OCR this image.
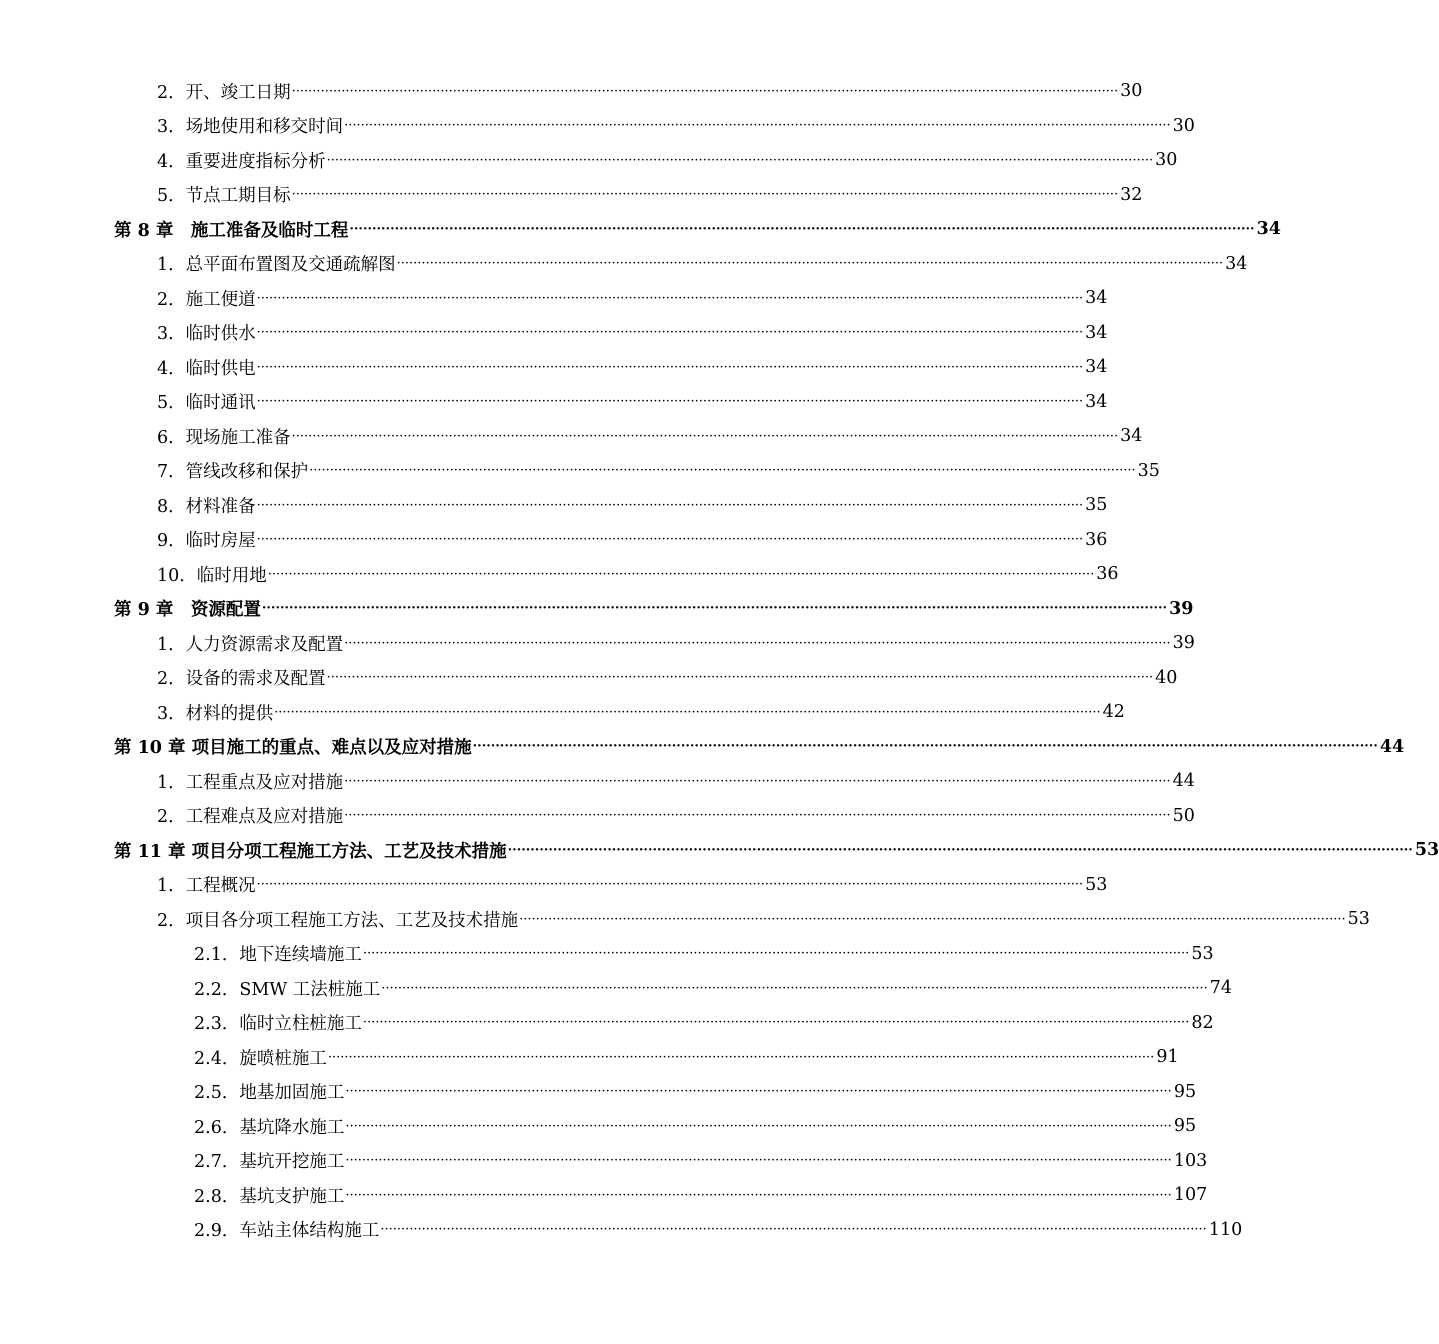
2．开、竣工日期 ········································································································································································································ 30
3．场地使用和移交时间 ········································································································································································································ 30
4．重要进度指标分析 ········································································································································································································ 30
5．节点工期目标 ········································································································································································································ 32
第 8 章　施工准备及临时工程 ········································································································································································································ 34
1．总平面布置图及交通疏解图 ········································································································································································································ 34
2．施工便道 ········································································································································································································ 34
3．临时供水 ········································································································································································································ 34
4．临时供电 ········································································································································································································ 34
5．临时通讯 ········································································································································································································ 34
6．现场施工准备 ········································································································································································································ 34
7．管线改移和保护 ········································································································································································································ 35
8．材料准备 ········································································································································································································ 35
9．临时房屋 ········································································································································································································ 36
10．临时用地 ········································································································································································································ 36
第 9 章　资源配置 ········································································································································································································ 39
1．人力资源需求及配置 ········································································································································································································ 39
2．设备的需求及配置 ········································································································································································································ 40
3．材料的提供 ········································································································································································································ 42
第 10 章 项目施工的重点、难点以及应对措施 ········································································································································································································ 44
1．工程重点及应对措施 ········································································································································································································ 44
2．工程难点及应对措施 ········································································································································································································ 50
第 11 章 项目分项工程施工方法、工艺及技术措施 ········································································································································································································ 53
1．工程概况 ········································································································································································································ 53
2．项目各分项工程施工方法、工艺及技术措施 ········································································································································································································ 53
2.1．地下连续墙施工 ········································································································································································································ 53
2.2．SMW 工法桩施工 ········································································································································································································ 74
2.3．临时立柱桩施工 ········································································································································································································ 82
2.4．旋喷桩施工 ········································································································································································································ 91
2.5．地基加固施工 ········································································································································································································ 95
2.6．基坑降水施工 ········································································································································································································ 95
2.7．基坑开挖施工 ········································································································································································································ 103
2.8．基坑支护施工 ········································································································································································································ 107
2.9．车站主体结构施工 ········································································································································································································ 110
